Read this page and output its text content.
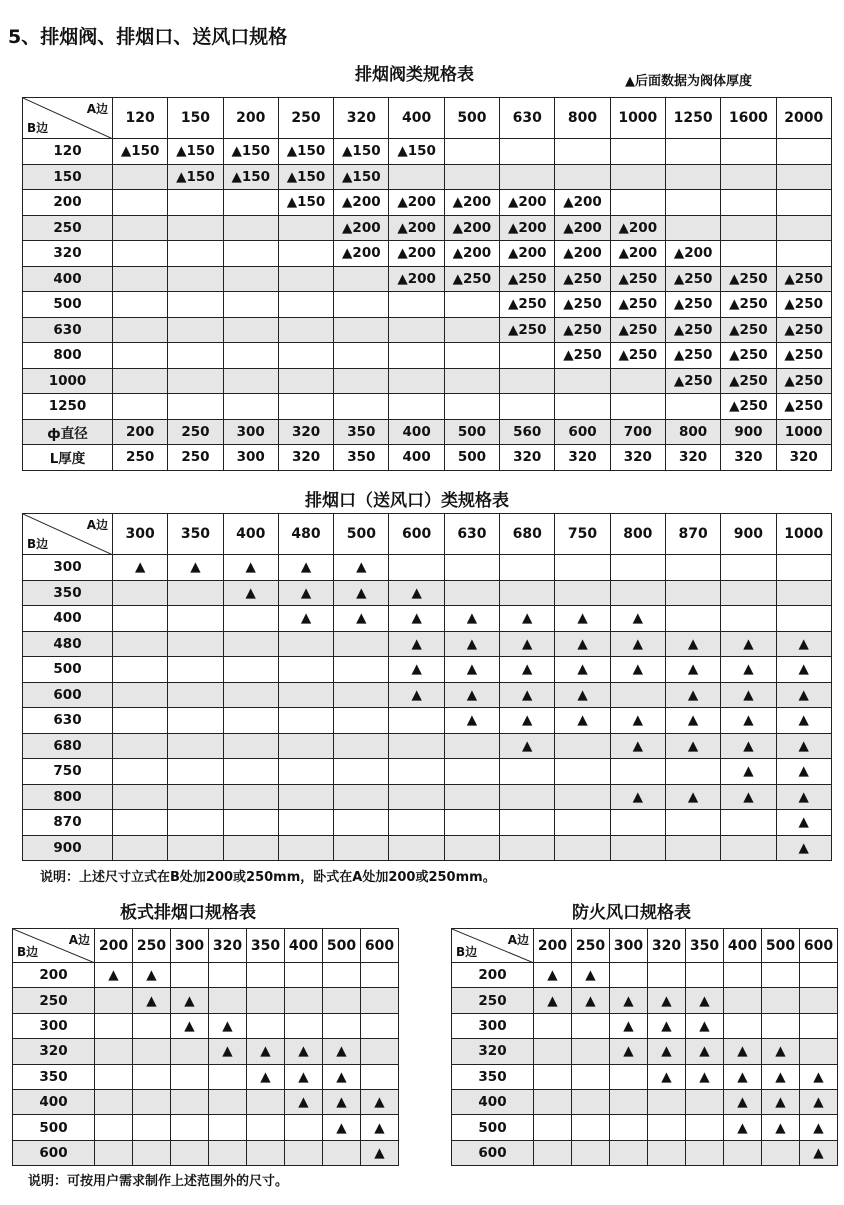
5、排烟阀、排烟口、送风口规格
排烟阀类规格表	▲后面数据为阀体厚度
A边
B边	120	150	200	250	320	400	500	630	800	1000	1250	1600	2000
120	▲150	▲150	▲150	▲150	▲150	▲150							
150		▲150	▲150	▲150	▲150								
200				▲150	▲200	▲200	▲200	▲200	▲200				
250					▲200	▲200	▲200	▲200	▲200	▲200			
320					▲200	▲200	▲200	▲200	▲200	▲200	▲200		
400						▲200	▲250	▲250	▲250	▲250	▲250	▲250	▲250
500								▲250	▲250	▲250	▲250	▲250	▲250
630								▲250	▲250	▲250	▲250	▲250	▲250
800									▲250	▲250	▲250	▲250	▲250
1000											▲250	▲250	▲250
1250												▲250	▲250
ф直径	200	250	300	320	350	400	500	560	600	700	800	900	1000
L厚度	250	250	300	320	350	400	500	320	320	320	320	320	320
排烟口（送风口）类规格表
A边
B边	300	350	400	480	500	600	630	680	750	800	870	900	1000
300	▲	▲	▲	▲	▲								
350			▲	▲	▲	▲							
400				▲	▲	▲	▲	▲	▲	▲			
480						▲	▲	▲	▲	▲	▲	▲	▲
500						▲	▲	▲	▲	▲	▲	▲	▲
600						▲	▲	▲	▲		▲	▲	▲
630							▲	▲	▲	▲	▲	▲	▲
680								▲		▲	▲	▲	▲
750												▲	▲
800										▲	▲	▲	▲
870													▲
900													▲
说明：上述尺寸立式在B处加200或250mm，卧式在A处加200或250mm。
板式排烟口规格表
A边
B边	200	250	300	320	350	400	500	600
200	▲	▲						
250		▲	▲					
300			▲	▲				
320				▲	▲	▲	▲	
350					▲	▲	▲	
400						▲	▲	▲
500							▲	▲
600								▲
说明：可按用户需求制作上述范围外的尺寸。
防火风口规格表
A边
B边	200	250	300	320	350	400	500	600
200	▲	▲						
250	▲	▲	▲	▲	▲			
300			▲	▲	▲			
320			▲	▲	▲	▲	▲	
350				▲	▲	▲	▲	▲
400						▲	▲	▲
500						▲	▲	▲
600								▲
